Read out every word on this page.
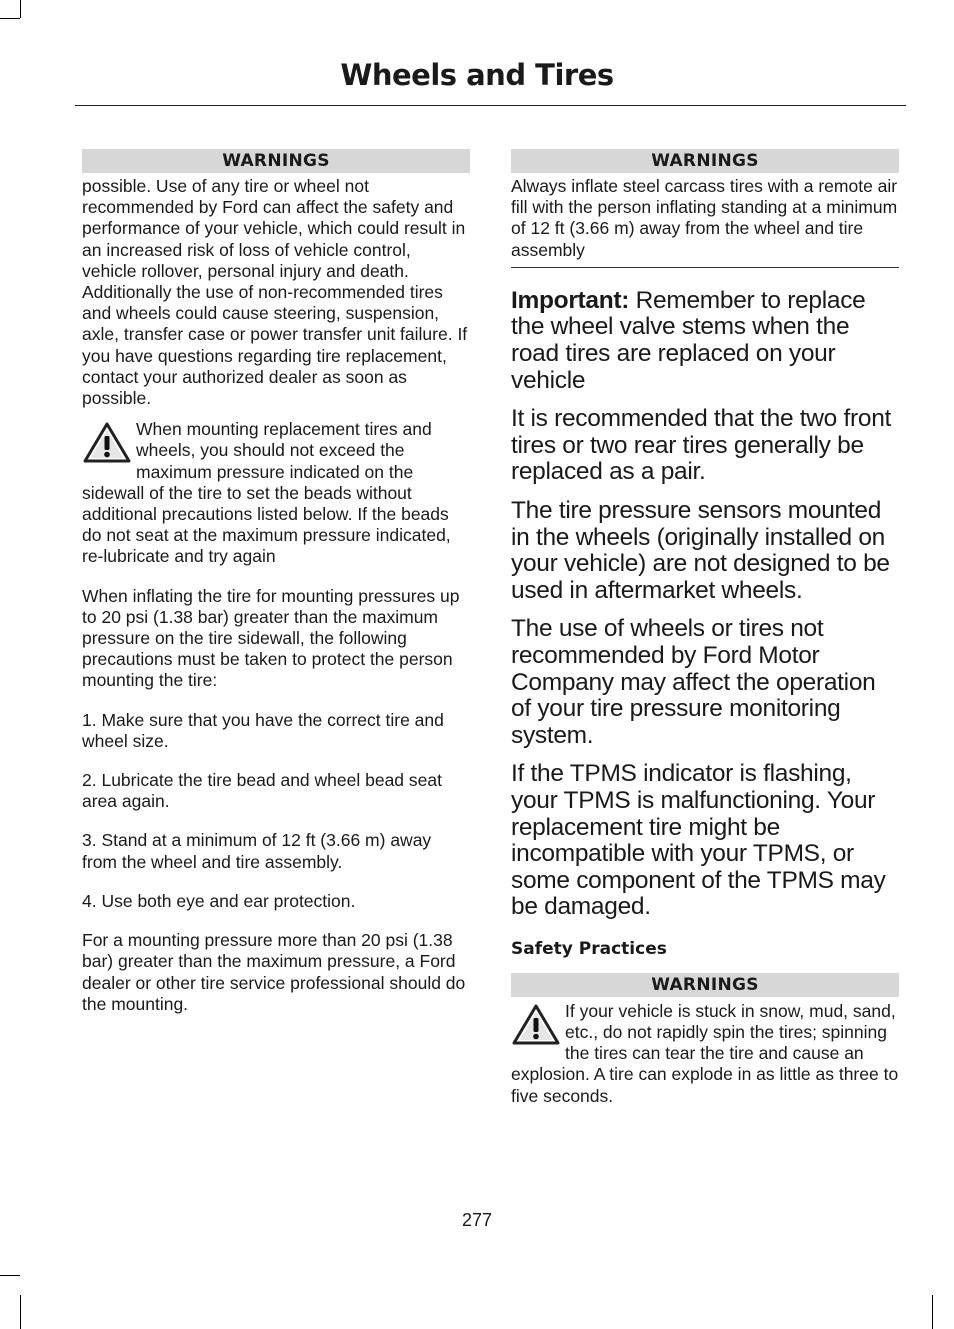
Wheels and Tires
WARNINGS

possible. Use of any tire or wheel not recommended by Ford can affect the safety and performance of your vehicle, which could result in an increased risk of loss of vehicle control, vehicle rollover, personal injury and death. Additionally the use of non-recommended tires and wheels could cause steering, suspension, axle, transfer case or power transfer unit failure. If you have questions regarding tire replacement, contact your authorized dealer as soon as possible.

When mounting replacement tires and wheels, you should not exceed the maximum pressure indicated on the sidewall of the tire to set the beads without additional precautions listed below. If the beads do not seat at the maximum pressure indicated, re-lubricate and try again

When inflating the tire for mounting pressures up to 20 psi (1.38 bar) greater than the maximum pressure on the tire sidewall, the following precautions must be taken to protect the person mounting the tire:

1. Make sure that you have the correct tire and wheel size.

2. Lubricate the tire bead and wheel bead seat area again.

3. Stand at a minimum of 12 ft (3.66 m) away from the wheel and tire assembly.

4. Use both eye and ear protection.

For a mounting pressure more than 20 psi (1.38 bar) greater than the maximum pressure, a Ford dealer or other tire service professional should do the mounting.

WARNINGS

Always inflate steel carcass tires with a remote air fill with the person inflating standing at a minimum of 12 ft (3.66 m) away from the wheel and tire assembly

Important: Remember to replace the wheel valve stems when the road tires are replaced on your vehicle

It is recommended that the two front tires or two rear tires generally be replaced as a pair.

The tire pressure sensors mounted in the wheels (originally installed on your vehicle) are not designed to be used in aftermarket wheels.

The use of wheels or tires not recommended by Ford Motor Company may affect the operation of your tire pressure monitoring system.

If the TPMS indicator is flashing, your TPMS is malfunctioning. Your replacement tire might be incompatible with your TPMS, or some component of the TPMS may be damaged.

Safety Practices
WARNINGS

If your vehicle is stuck in snow, mud, sand, etc., do not rapidly spin the tires; spinning the tires can tear the tire and cause an explosion. A tire can explode in as little as three to five seconds.

277
